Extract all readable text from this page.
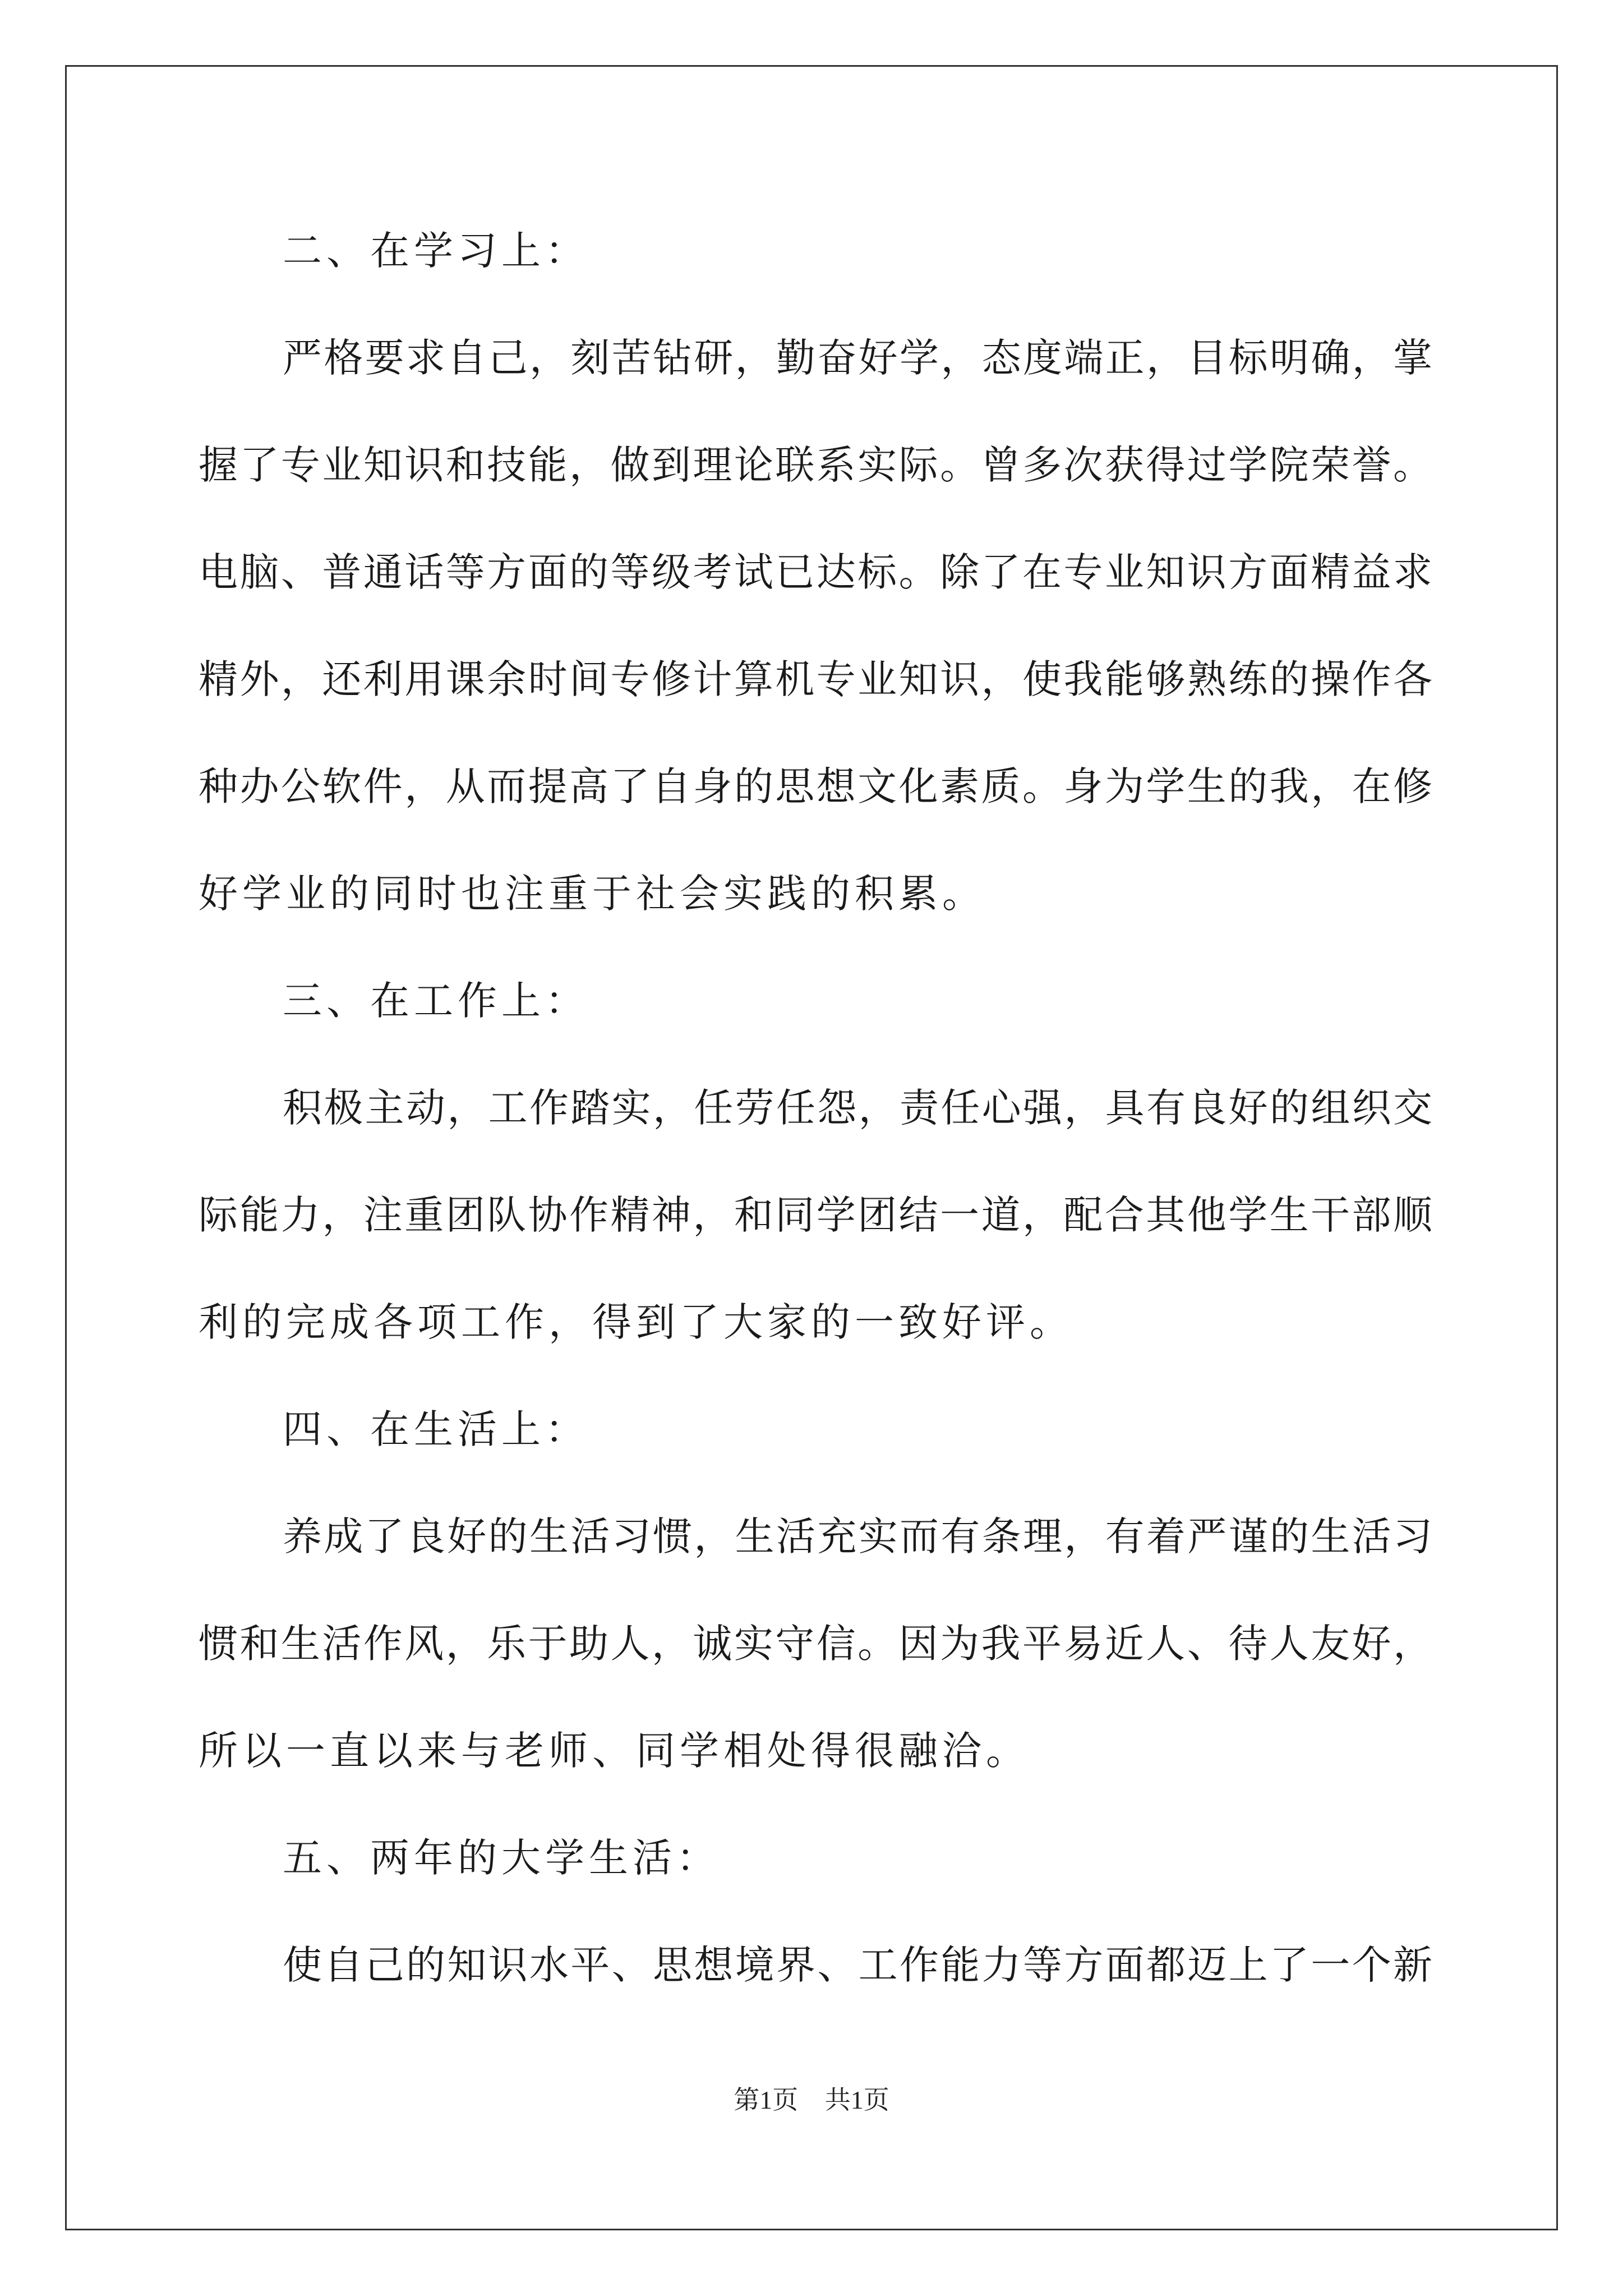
二、在学习上：
严格要求自己，刻苦钻研，勤奋好学，态度端正，目标明确，掌
握了专业知识和技能，做到理论联系实际。曾多次获得过学院荣誉。
电脑、普通话等方面的等级考试已达标。除了在专业知识方面精益求
精外，还利用课余时间专修计算机专业知识，使我能够熟练的操作各
种办公软件，从而提高了自身的思想文化素质。身为学生的我，在修
好学业的同时也注重于社会实践的积累。
三、在工作上：
积极主动，工作踏实，任劳任怨，责任心强，具有良好的组织交
际能力，注重团队协作精神，和同学团结一道，配合其他学生干部顺
利的完成各项工作，得到了大家的一致好评。
四、在生活上：
养成了良好的生活习惯，生活充实而有条理，有着严谨的生活习
惯和生活作风，乐于助人，诚实守信。因为我平易近人、待人友好，
所以一直以来与老师、同学相处得很融洽。
五、两年的大学生活：
使自己的知识水平、思想境界、工作能力等方面都迈上了一个新
第1页 共1页
